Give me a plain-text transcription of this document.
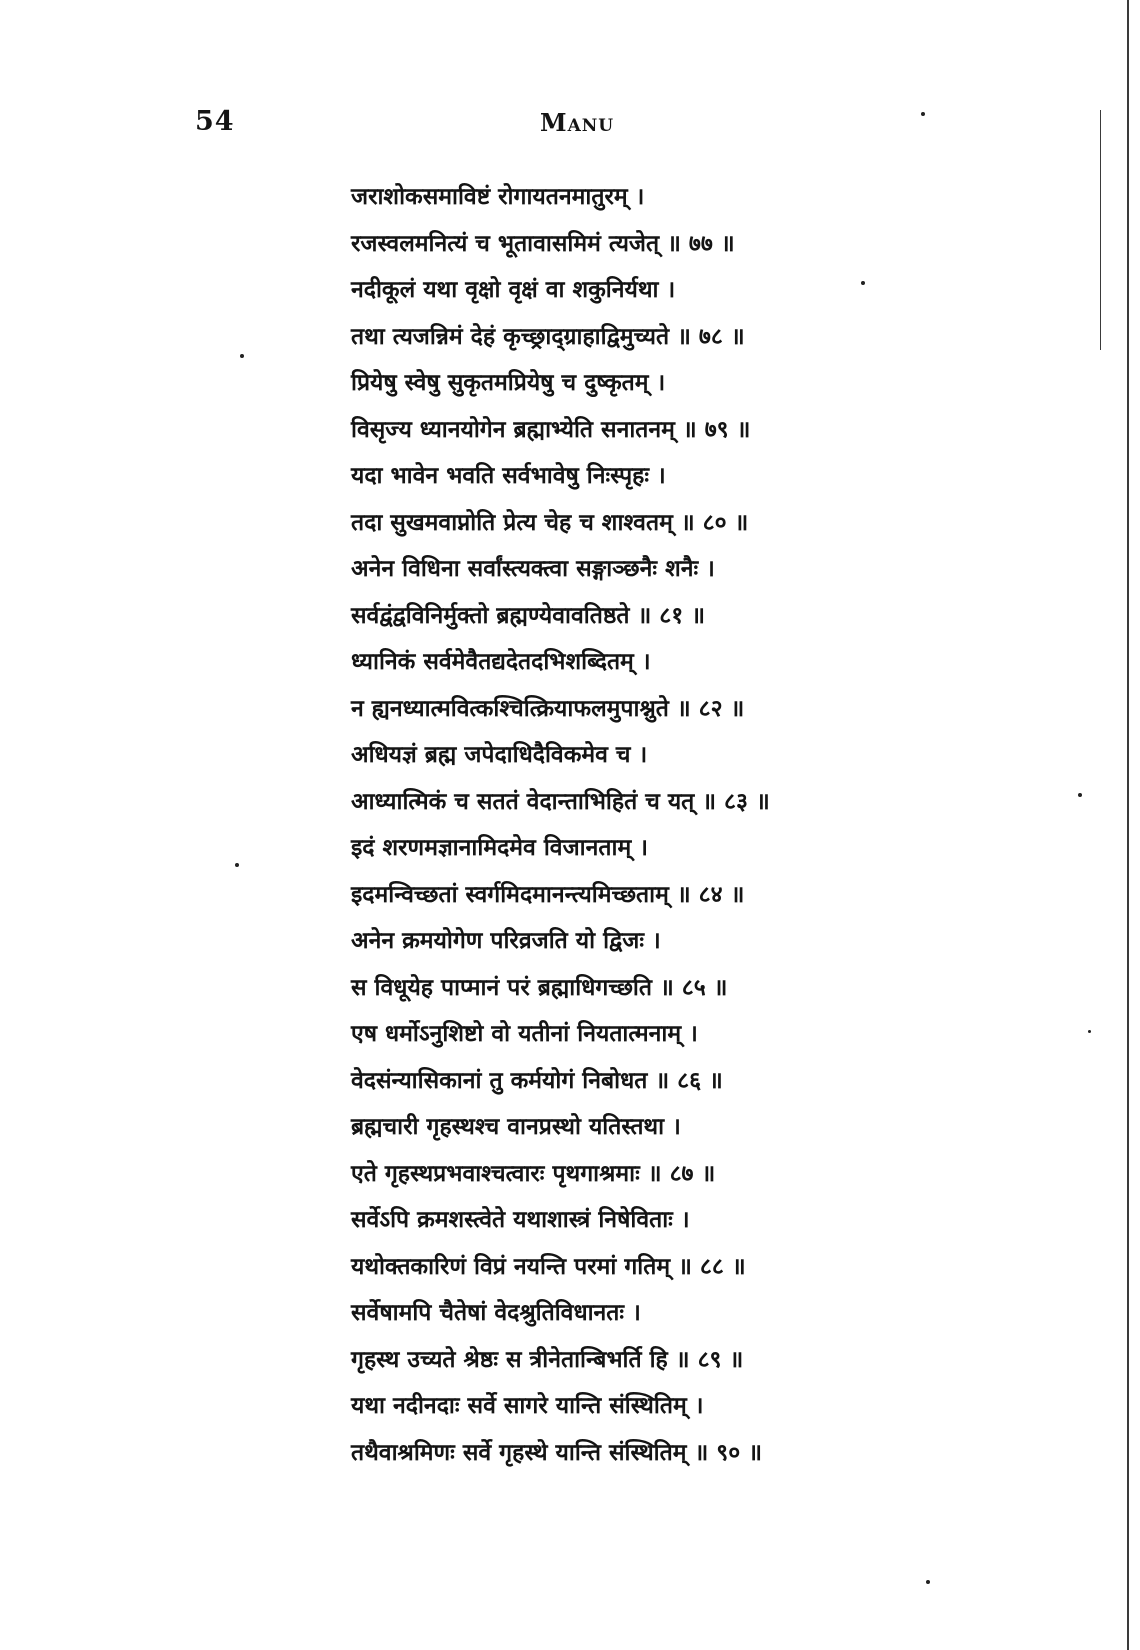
54	Manu
जराशोकसमाविष्टं रोगायतनमातुरम् ।
रजस्वलमनित्यं च भूतावासमिमं त्यजेत् ॥ ७७ ॥
नदीकूलं यथा वृक्षो वृक्षं वा शकुनिर्यथा ।
तथा त्यजन्निमं देहं कृच्छ्राद्ग्राहाद्विमुच्यते ॥ ७८ ॥
प्रियेषु स्वेषु सुकृतमप्रियेषु च दुष्कृतम् ।
विसृज्य ध्यानयोगेन ब्रह्माभ्येति सनातनम् ॥ ७९ ॥
यदा भावेन भवति सर्वभावेषु निःस्पृहः ।
तदा सुखमवाप्नोति प्रेत्य चेह च शाश्वतम् ॥ ८० ॥
अनेन विधिना सर्वांस्त्यक्त्वा सङ्गाञ्छनैः शनैः ।
सर्वद्वंद्वविनिर्मुक्तो ब्रह्मण्येवावतिष्ठते ॥ ८१ ॥
ध्यानिकं सर्वमेवैतद्यदेतदभिशब्दितम् ।
न ह्यनध्यात्मवित्कश्चित्क्रियाफलमुपाश्नुते ॥ ८२ ॥
अधियज्ञं ब्रह्म जपेदाधिदैविकमेव च ।
आध्यात्मिकं च सततं वेदान्ताभिहितं च यत् ॥ ८३ ॥
इदं शरणमज्ञानामिदमेव विजानताम् ।
इदमन्विच्छतां स्वर्गमिदमानन्त्यमिच्छताम् ॥ ८४ ॥
अनेन क्रमयोगेण परिव्रजति यो द्विजः ।
स विधूयेह पाप्मानं परं ब्रह्माधिगच्छति ॥ ८५ ॥
एष धर्मोऽनुशिष्टो वो यतीनां नियतात्मनाम् ।
वेदसंन्यासिकानां तु कर्मयोगं निबोधत ॥ ८६ ॥
ब्रह्मचारी गृहस्थश्च वानप्रस्थो यतिस्तथा ।
एते गृहस्थप्रभवाश्चत्वारः पृथगाश्रमाः ॥ ८७ ॥
सर्वेऽपि क्रमशस्त्वेते यथाशास्त्रं निषेविताः ।
यथोक्तकारिणं विप्रं नयन्ति परमां गतिम् ॥ ८८ ॥
सर्वेषामपि चैतेषां वेदश्रुतिविधानतः ।
गृहस्थ उच्यते श्रेष्ठः स त्रीनेतान्बिभर्ति हि ॥ ८९ ॥
यथा नदीनदाः सर्वे सागरे यान्ति संस्थितिम् ।
तथैवाश्रमिणः सर्वे गृहस्थे यान्ति संस्थितिम् ॥ ९० ॥
